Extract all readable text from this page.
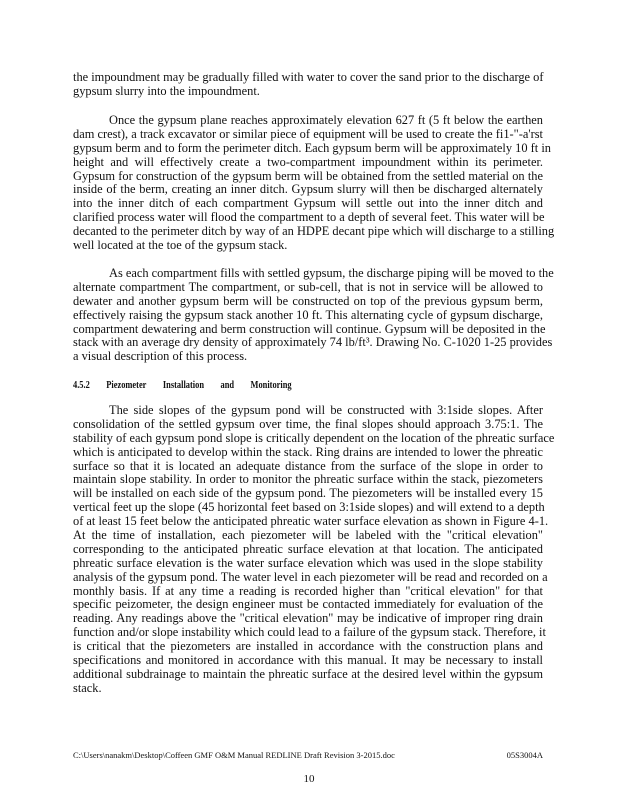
the impoundment may be gradually filled with water to cover the sand prior to the discharge of
gypsum slurry into the impoundment.
Once the gypsum plane reaches approximately elevation 627 ft (5 ft below the earthen
dam crest), a track excavator or similar piece of equipment will be used to create the fi1-"-a'rst
gypsum berm and to form the perimeter ditch. Each gypsum berm will be approximately 10 ft in
height and will effectively create a two-compartment impoundment within its perimeter.
Gypsum for construction of the gypsum berm will be obtained from the settled material on the
inside of the berm, creating an inner ditch. Gypsum slurry will then be discharged alternately
into the inner ditch of each compartment Gypsum will settle out into the inner ditch and
clarified process water will flood the compartment to a depth of several feet. This water will be
decanted to the perimeter ditch by way of an HDPE decant pipe which will discharge to a stilling
well located at the toe of the gypsum stack.
As each compartment fills with settled gypsum, the discharge piping will be moved to the
alternate compartment The compartment, or sub-cell, that is not in service will be allowed to
dewater and another gypsum berm will be constructed on top of the previous gypsum berm,
effectively raising the gypsum stack another 10 ft. This alternating cycle of gypsum discharge,
compartment dewatering and berm construction will continue. Gypsum will be deposited in the
stack with an average dry density of approximately 74 lb/ft³. Drawing No. C-1020 1-25 provides
a visual description of this process.
4.5.2 Piezometer Installation and Monitoring
The side slopes of the gypsum pond will be constructed with 3:1side slopes. After
consolidation of the settled gypsum over time, the final slopes should approach 3.75:1. The
stability of each gypsum pond slope is critically dependent on the location of the phreatic surface
which is anticipated to develop within the stack. Ring drains are intended to lower the phreatic
surface so that it is located an adequate distance from the surface of the slope in order to
maintain slope stability. In order to monitor the phreatic surface within the stack, piezometers
will be installed on each side of the gypsum pond. The piezometers will be installed every 15
vertical feet up the slope (45 horizontal feet based on 3:1side slopes) and will extend to a depth
of at least 15 feet below the anticipated phreatic water surface elevation as shown in Figure 4-1.
At the time of installation, each piezometer will be labeled with the "critical elevation"
corresponding to the anticipated phreatic surface elevation at that location. The anticipated
phreatic surface elevation is the water surface elevation which was used in the slope stability
analysis of the gypsum pond. The water level in each piezometer will be read and recorded on a
monthly basis. If at any time a reading is recorded higher than "critical elevation" for that
specific peizometer, the design engineer must be contacted immediately for evaluation of the
reading. Any readings above the "critical elevation" may be indicative of improper ring drain
function and/or slope instability which could lead to a failure of the gypsum stack. Therefore, it
is critical that the piezometers are installed in accordance with the construction plans and
specifications and monitored in accordance with this manual. It may be necessary to install
additional subdrainage to maintain the phreatic surface at the desired level within the gypsum
stack.
C:\Users\nanakm\Desktop\Coffeen GMF O&M Manual REDLINE Draft Revision 3-2015.doc	05S3004A
10
